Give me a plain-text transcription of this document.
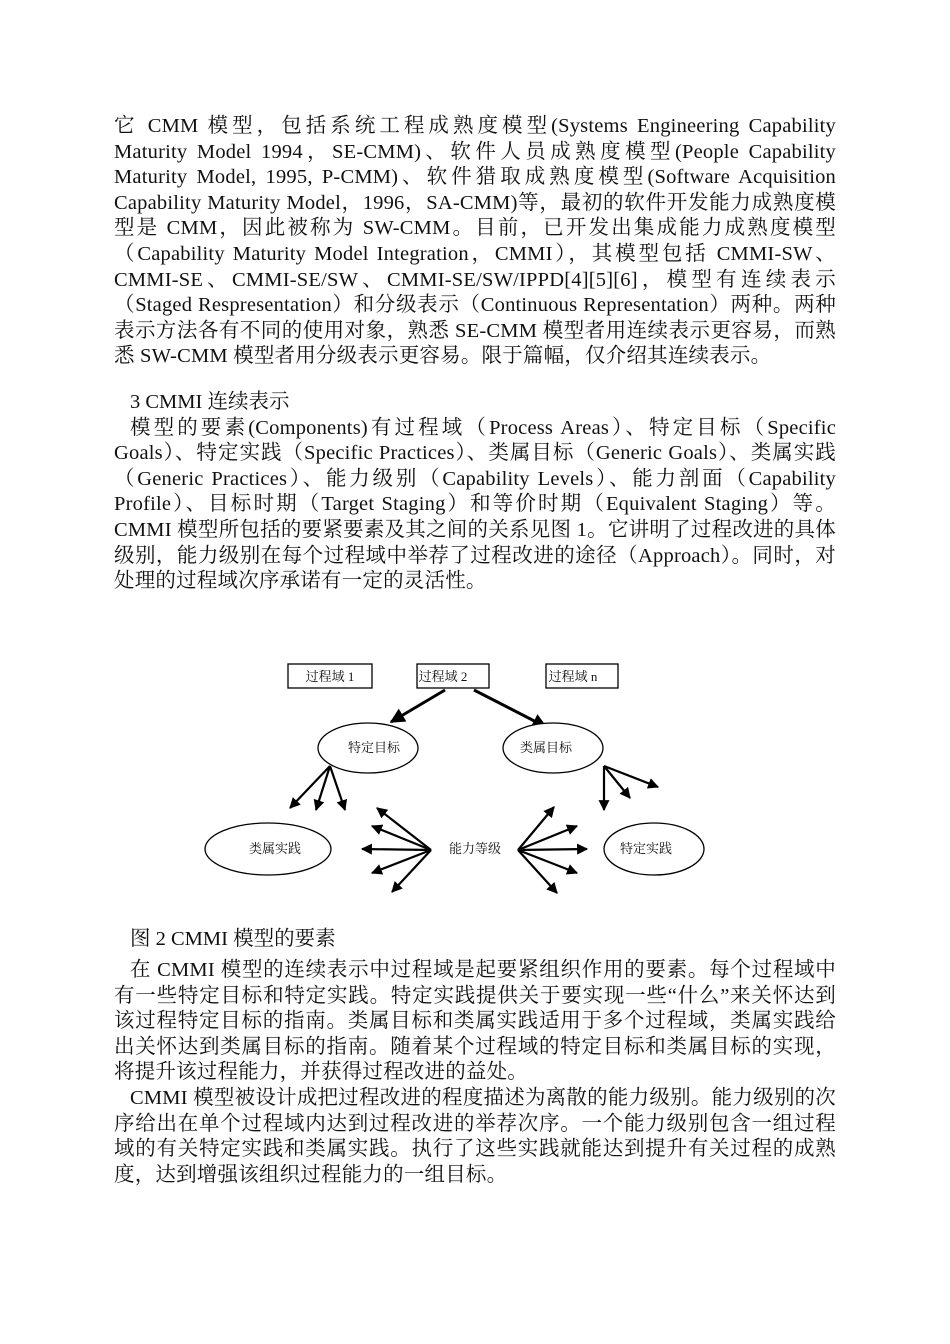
它 CMM 模型，包括系统工程成熟度模型(Systems Engineering Capability Maturity Model 1994，SE-CMM)、软件人员成熟度模型(People Capability Maturity Model, 1995, P-CMM)、软件猎取成熟度模型(Software Acquisition Capability Maturity Model，1996，SA-CMM)等，最初的软件开发能力成熟度模型是 CMM，因此被称为 SW-CMM。目前，已开发出集成能力成熟度模型（Capability Maturity Model Integration，CMMI），其模型包括 CMMI-SW、CMMI-SE、CMMI-SE/SW、CMMI-SE/SW/IPPD[4][5][6]，模型有连续表示（Staged Respresentation）和分级表示（Continuous Representation）两种。两种表示方法各有不同的使用对象，熟悉 SE-CMM 模型者用连续表示更容易，而熟悉 SW-CMM 模型者用分级表示更容易。限于篇幅，仅介绍其连续表示。

3 CMMI 连续表示

模型的要素(Components)有过程域（Process Areas）、特定目标（Specific Goals）、特定实践（Specific Practices）、类属目标（Generic Goals）、类属实践（Generic Practices）、能力级别（Capability Levels）、能力剖面（Capability Profile）、目标时期（Target Staging）和等价时期（Equivalent Staging）等。CMMI 模型所包括的要紧要素及其之间的关系见图 1。它讲明了过程改进的具体级别，能力级别在每个过程域中举荐了过程改进的途径（Approach）。同时，对处理的过程域次序承诺有一定的灵活性。

过程域 1	过程域 2	过程域 n
特定目标	类属目标
类属实践	能力等级	特定实践

图 2 CMMI 模型的要素

在 CMMI 模型的连续表示中过程域是起要紧组织作用的要素。每个过程域中有一些特定目标和特定实践。特定实践提供关于要实现一些“什么”来关怀达到该过程特定目标的指南。类属目标和类属实践适用于多个过程域，类属实践给出关怀达到类属目标的指南。随着某个过程域的特定目标和类属目标的实现，将提升该过程能力，并获得过程改进的益处。

CMMI 模型被设计成把过程改进的程度描述为离散的能力级别。能力级别的次序给出在单个过程域内达到过程改进的举荐次序。一个能力级别包含一组过程域的有关特定实践和类属实践。执行了这些实践就能达到提升有关过程的成熟度，达到增强该组织过程能力的一组目标。
